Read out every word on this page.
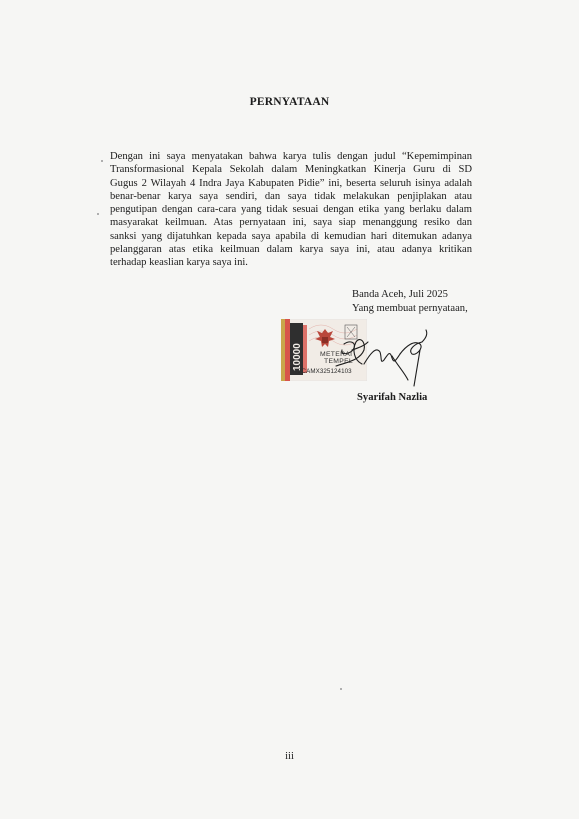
PERNYATAAN
Dengan ini saya menyatakan bahwa karya tulis dengan judul “Kepemimpinan
Transformasional Kepala Sekolah dalam Meningkatkan Kinerja Guru di SD
Gugus 2 Wilayah 4 Indra Jaya Kabupaten Pidie” ini, beserta seluruh isinya adalah
benar-benar karya saya sendiri, dan saya tidak melakukan penjiplakan atau
pengutipan dengan cara-cara yang tidak sesuai dengan etika yang berlaku dalam
masyarakat keilmuan. Atas pernyataan ini, saya siap menanggung resiko dan
sanksi yang dijatuhkan kepada saya apabila di kemudian hari ditemukan adanya
pelanggaran atas etika keilmuan dalam karya saya ini, atau adanya kritikan
terhadap keaslian karya saya ini.
Banda Aceh, Juli 2025
Yang membuat pernyataan,
10000	METERAI
TEMPEL
3CAMX325124103
Syarifah Nazlia
iii
